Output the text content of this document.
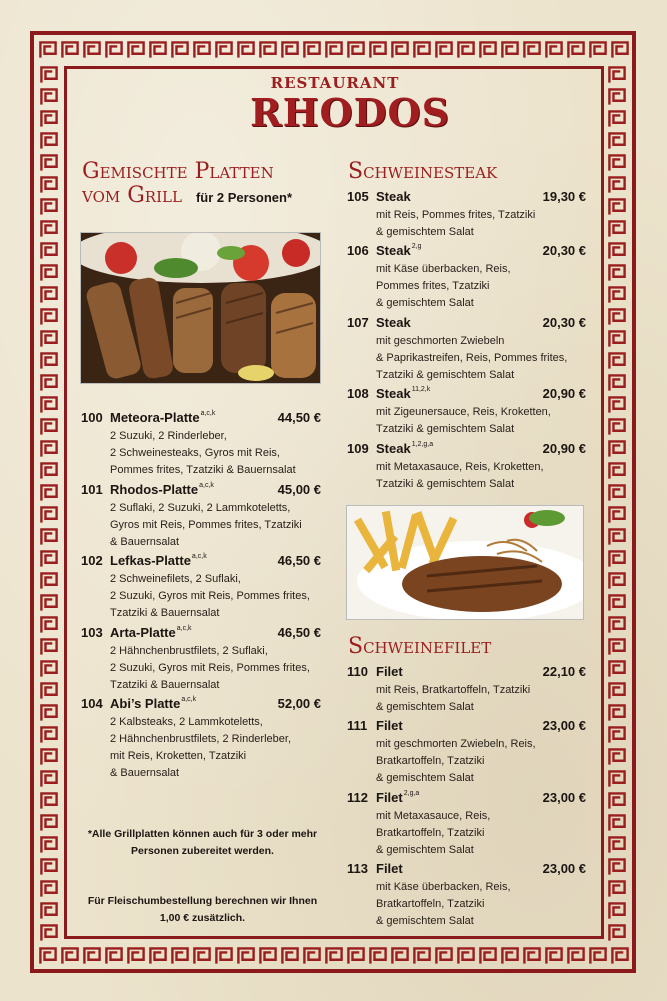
RESTAURANT
RHODOS
Gemischte Platten
vom Grill für 2 Personen*
100 Meteora-Platte$^{a,c,k}$	44,50 €
2 Suzuki, 2 Rinderleber,
2 Schweinesteaks, Gyros mit Reis,
Pommes frites, Tzatziki & Bauernsalat
101 Rhodos-Platte$^{a,c,k}$	45,00 €
2 Suflaki, 2 Suzuki, 2 Lammkoteletts,
Gyros mit Reis, Pommes frites, Tzatziki
& Bauernsalat
102 Lefkas-Platte$^{a,c,k}$	46,50 €
2 Schweinefilets, 2 Suflaki,
2 Suzuki, Gyros mit Reis, Pommes frites,
Tzatziki & Bauernsalat
103 Arta-Platte$^{a,c,k}$	46,50 €
2 Hähnchenbrustfilets, 2 Suflaki,
2 Suzuki, Gyros mit Reis, Pommes frites,
Tzatziki & Bauernsalat
104 Abi’s Platte$^{a,c,k}$	52,00 €
2 Kalbsteaks, 2 Lammkoteletts,
2 Hähnchenbrustfilets, 2 Rinderleber,
mit Reis, Kroketten, Tzatziki
& Bauernsalat
*Alle Grillplatten können auch für 3 oder mehr
Personen zubereitet werden.
Für Fleischumbestellung berechnen wir Ihnen
1,00 € zusätzlich.
Schweinesteak
105 Steak	19,30 €
mit Reis, Pommes frites, Tzatziki
& gemischtem Salat
106 Steak$^{2,g}$	20,30 €
mit Käse überbacken, Reis,
Pommes frites, Tzatziki
& gemischtem Salat
107 Steak	20,30 €
mit geschmorten Zwiebeln
& Paprikastreifen, Reis, Pommes frites,
Tzatziki & gemischtem Salat
108 Steak$^{11,2,k}$	20,90 €
mit Zigeunersauce, Reis, Kroketten,
Tzatziki & gemischtem Salat
109 Steak$^{1,2,g,a}$	20,90 €
mit Metaxasauce, Reis, Kroketten,
Tzatziki & gemischtem Salat
Schweinefilet
110 Filet	22,10 €
mit Reis, Bratkartoffeln, Tzatziki
& gemischtem Salat
111 Filet	23,00 €
mit geschmorten Zwiebeln, Reis,
Bratkartoffeln, Tzatziki
& gemischtem Salat
112 Filet$^{2,g,a}$	23,00 €
mit Metaxasauce, Reis,
Bratkartoffeln, Tzatziki
& gemischtem Salat
113 Filet	23,00 €
mit Käse überbacken, Reis,
Bratkartoffeln, Tzatziki
& gemischtem Salat
